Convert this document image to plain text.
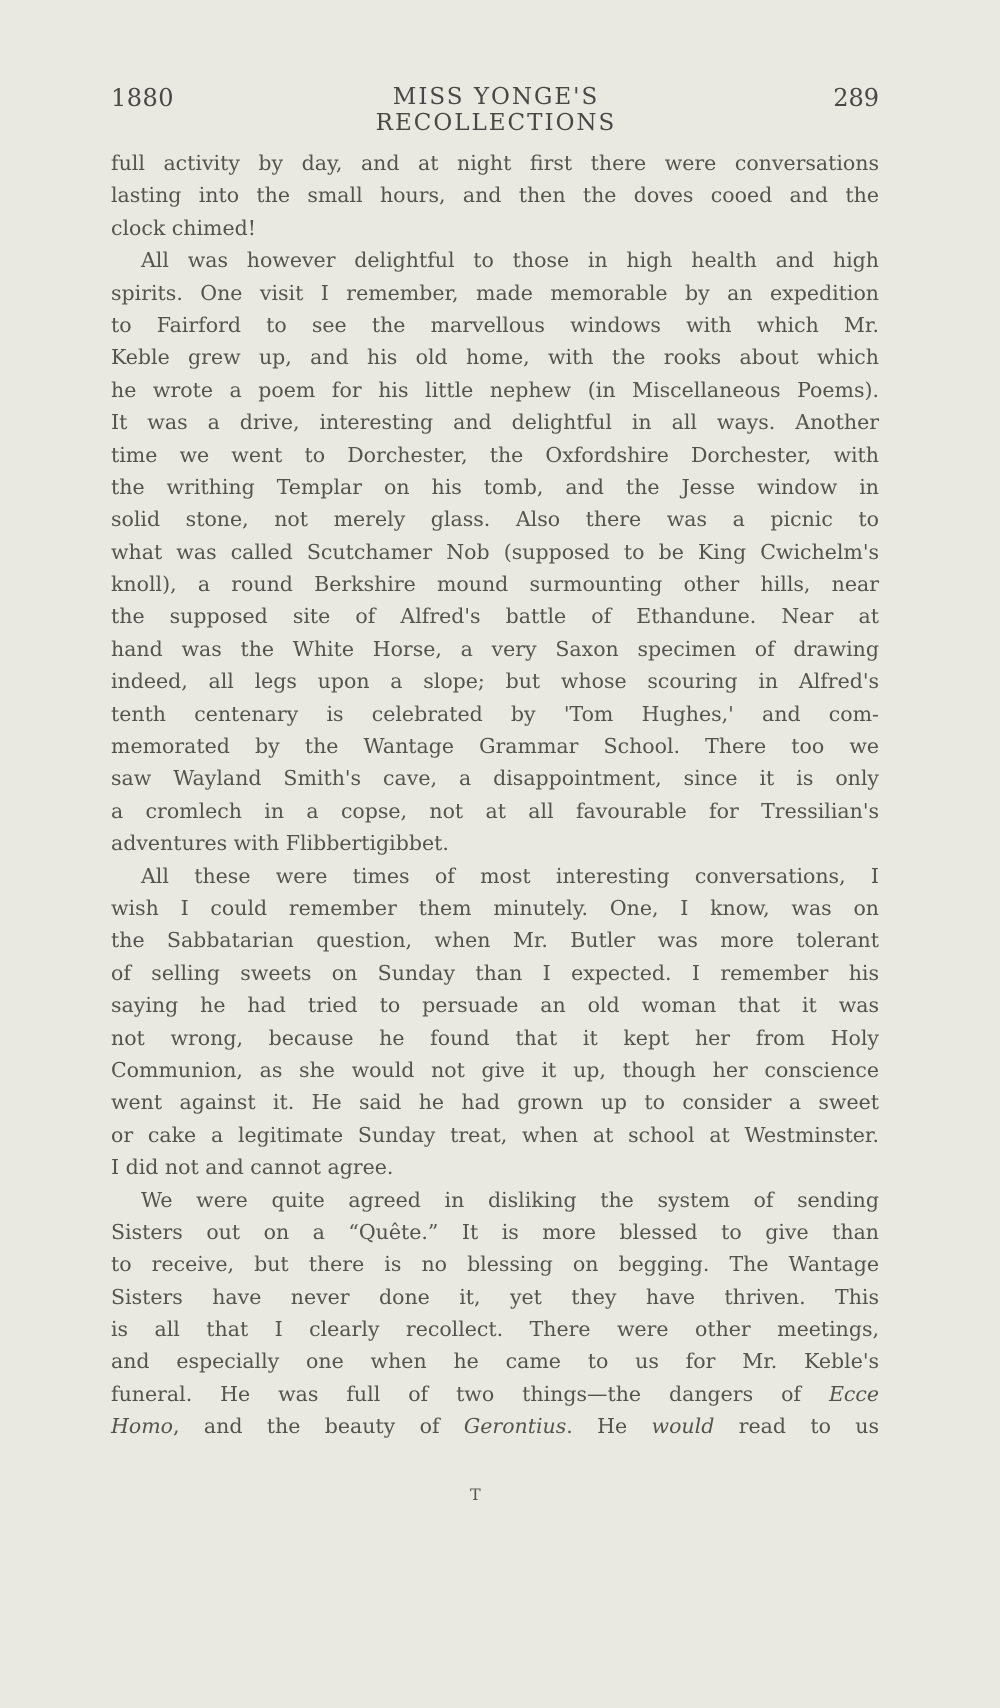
1880	MISS YONGE'S RECOLLECTIONS
289
full activity by day, and at night first there were conversations
lasting into the small hours, and then the doves cooed and the
clock chimed!
All was however delightful to those in high health and high
spirits. One visit I remember, made memorable by an expedition
to Fairford to see the marvellous windows with which Mr.
Keble grew up, and his old home, with the rooks about which
he wrote a poem for his little nephew (in Miscellaneous Poems).
It was a drive, interesting and delightful in all ways. Another
time we went to Dorchester, the Oxfordshire Dorchester, with
the writhing Templar on his tomb, and the Jesse window in
solid stone, not merely glass. Also there was a picnic to
what was called Scutchamer Nob (supposed to be King Cwichelm's
knoll), a round Berkshire mound surmounting other hills, near
the supposed site of Alfred's battle of Ethandune. Near at
hand was the White Horse, a very Saxon specimen of drawing
indeed, all legs upon a slope; but whose scouring in Alfred's
tenth centenary is celebrated by 'Tom Hughes,' and com-
memorated by the Wantage Grammar School. There too we
saw Wayland Smith's cave, a disappointment, since it is only
a cromlech in a copse, not at all favourable for Tressilian's
adventures with Flibbertigibbet.
All these were times of most interesting conversations, I
wish I could remember them minutely. One, I know, was on
the Sabbatarian question, when Mr. Butler was more tolerant
of selling sweets on Sunday than I expected. I remember his
saying he had tried to persuade an old woman that it was
not wrong, because he found that it kept her from Holy
Communion, as she would not give it up, though her conscience
went against it. He said he had grown up to consider a sweet
or cake a legitimate Sunday treat, when at school at Westminster.
I did not and cannot agree.
We were quite agreed in disliking the system of sending
Sisters out on a “Quête.” It is more blessed to give than
to receive, but there is no blessing on begging. The Wantage
Sisters have never done it, yet they have thriven. This
is all that I clearly recollect. There were other meetings,
and especially one when he came to us for Mr. Keble's
funeral. He was full of two things—the dangers of Ecce
Homo, and the beauty of Gerontius. He would read to us
T
